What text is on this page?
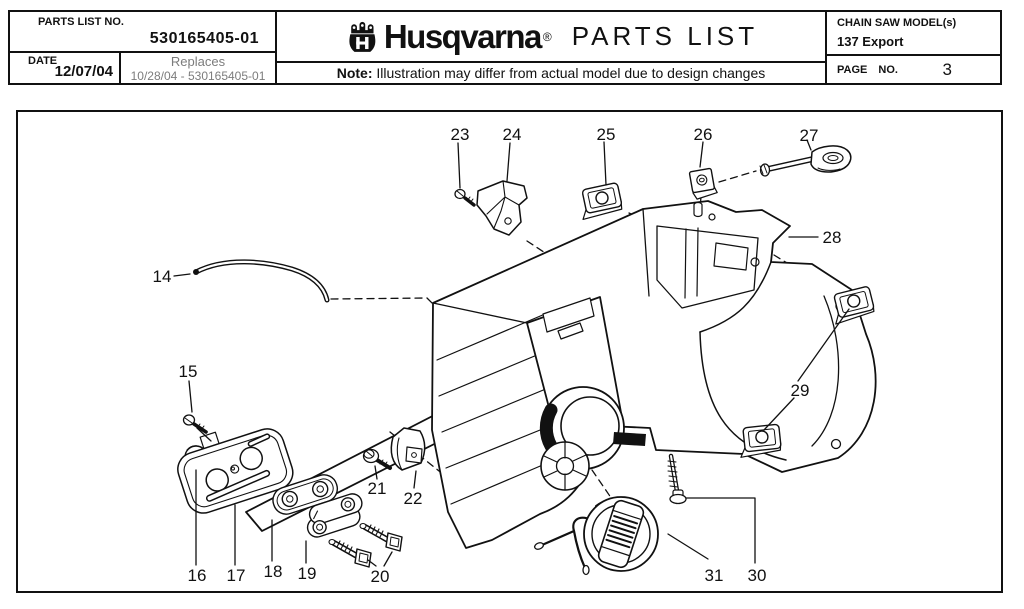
PARTS LIST NO.
530165405-01
DATE
12/07/04
Replaces
10/28/04 - 530165405-01
Husqvarna ® PARTS LIST
Note: Illustration may differ from actual model due to design changes
CHAIN SAW MODEL(s)
137 Export
PAGE NO.	3
14
15
16 17 18 19	20
21
22
23 24	25	26	27
28
29
30
31
